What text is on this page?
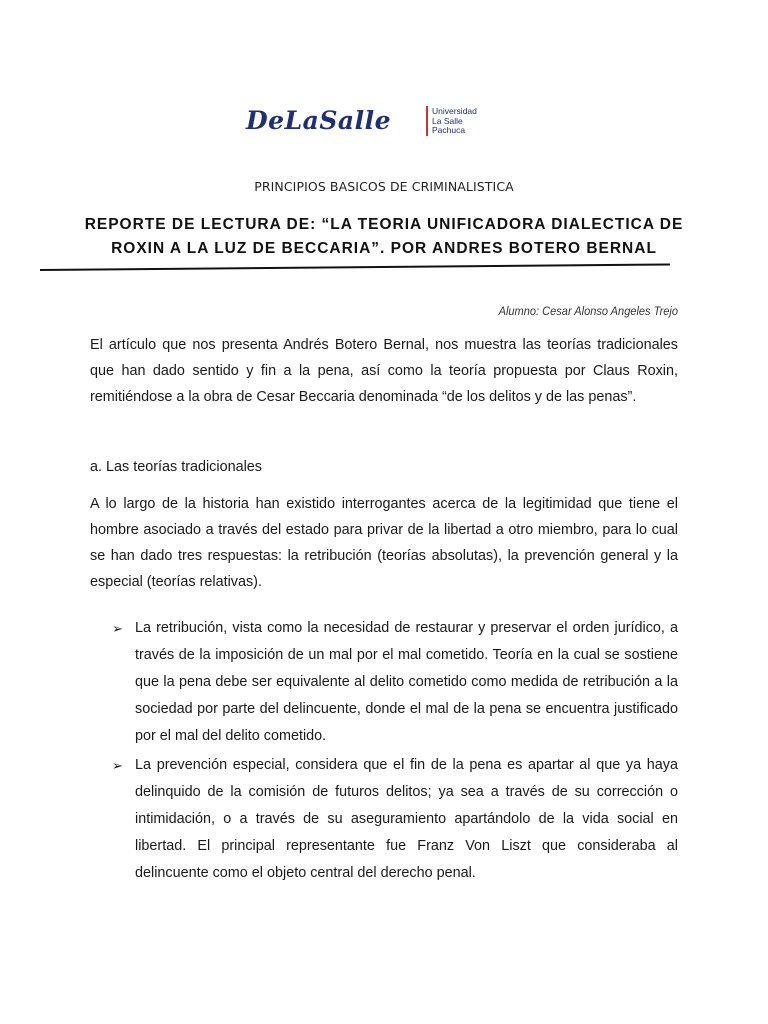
DeLaSalle	Universidad
La Salle
Pachuca
PRINCIPIOS BASICOS DE CRIMINALISTICA
REPORTE DE LECTURA DE: “LA TEORIA UNIFICADORA DIALECTICA DE ROXIN A LA LUZ DE BECCARIA”. POR ANDRES BOTERO BERNAL
Alumno: Cesar Alonso Angeles Trejo

El artículo que nos presenta Andrés Botero Bernal, nos muestra las teorías tradicionales que han dado sentido y fin a la pena, así como la teoría propuesta por Claus Roxin, remitiéndose a la obra de Cesar Beccaria denominada “de los delitos y de las penas”.

a. Las teorías tradicionales

A lo largo de la historia han existido interrogantes acerca de la legitimidad que tiene el hombre asociado a través del estado para privar de la libertad a otro miembro, para lo cual se han dado tres respuestas: la retribución (teorías absolutas), la prevención general y la especial (teorías relativas).

➢ La retribución, vista como la necesidad de restaurar y preservar el orden jurídico, a través de la imposición de un mal por el mal cometido. Teoría en la cual se sostiene que la pena debe ser equivalente al delito cometido como medida de retribución a la sociedad por parte del delincuente, donde el mal de la pena se encuentra justificado por el mal del delito cometido.
➢ La prevención especial, considera que el fin de la pena es apartar al que ya haya delinquido de la comisión de futuros delitos; ya sea a través de su corrección o intimidación, o a través de su aseguramiento apartándolo de la vida social en libertad. El principal representante fue Franz Von Liszt que consideraba al delincuente como el objeto central del derecho penal.
